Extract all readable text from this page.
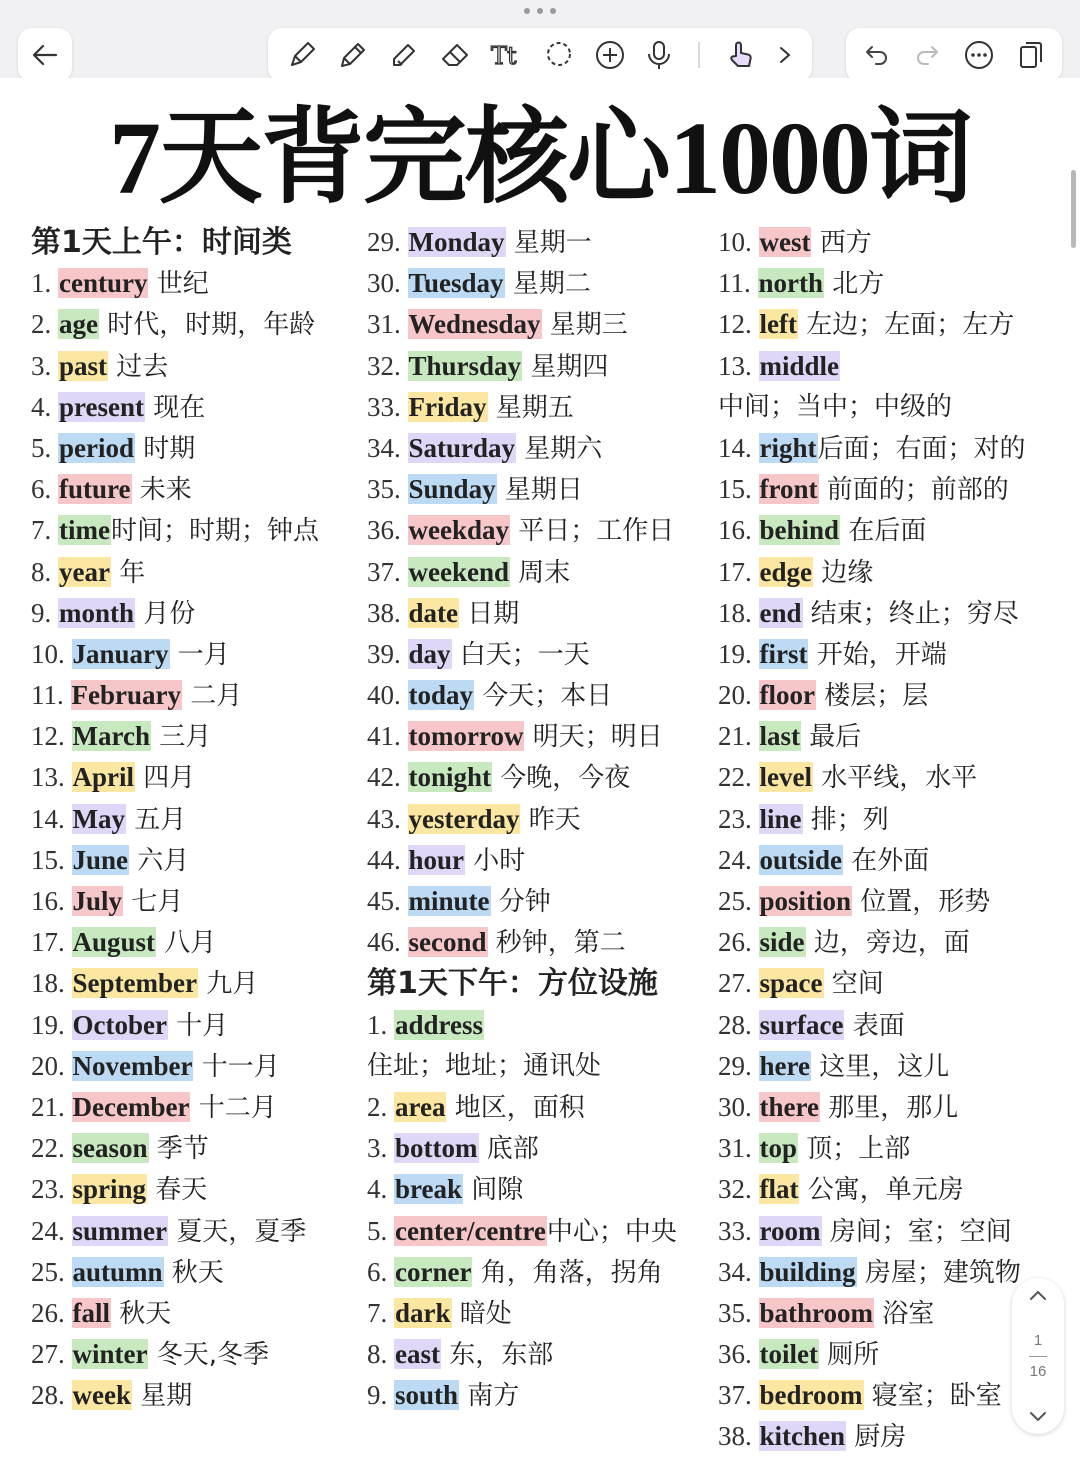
Tt
7天背完核心1000词
第1天上午：时间类
1. century 世纪
2. age 时代，时期，年龄
3. past 过去
4. present 现在
5. period 时期
6. future 未来
7. time时间；时期；钟点
8. year 年
9. month 月份
10. January 一月
11. February 二月
12. March 三月
13. April 四月
14. May 五月
15. June 六月
16. July 七月
17. August 八月
18. September 九月
19. October 十月
20. November 十一月
21. December 十二月
22. season 季节
23. spring 春天
24. summer 夏天，夏季
25. autumn 秋天
26. fall 秋天
27. winter 冬天,冬季
28. week 星期
29. Monday 星期一
30. Tuesday 星期二
31. Wednesday 星期三
32. Thursday 星期四
33. Friday 星期五
34. Saturday 星期六
35. Sunday 星期日
36. weekday 平日；工作日
37. weekend 周末
38. date 日期
39. day 白天；一天
40. today 今天；本日
41. tomorrow 明天；明日
42. tonight 今晚，今夜
43. yesterday 昨天
44. hour 小时
45. minute 分钟
46. second 秒钟，第二
第1天下午：方位设施
1. address
住址；地址；通讯处
2. area 地区，面积
3. bottom 底部
4. break 间隙
5. center/centre中心；中央
6. corner 角，角落，拐角
7. dark 暗处
8. east 东，东部
9. south 南方
10. west 西方
11. north 北方
12. left 左边；左面；左方
13. middle
中间；当中；中级的
14. right后面；右面；对的
15. front 前面的；前部的
16. behind 在后面
17. edge 边缘
18. end 结束；终止；穷尽
19. first 开始，开端
20. floor 楼层；层
21. last 最后
22. level 水平线，水平
23. line 排；列
24. outside 在外面
25. position 位置，形势
26. side 边，旁边，面
27. space 空间
28. surface 表面
29. here 这里，这儿
30. there 那里，那儿
31. top 顶；上部
32. flat 公寓，单元房
33. room 房间；室；空间
34. building 房屋；建筑物
35. bathroom 浴室
36. toilet 厕所
37. bedroom 寝室；卧室
38. kitchen 厨房
1
16
